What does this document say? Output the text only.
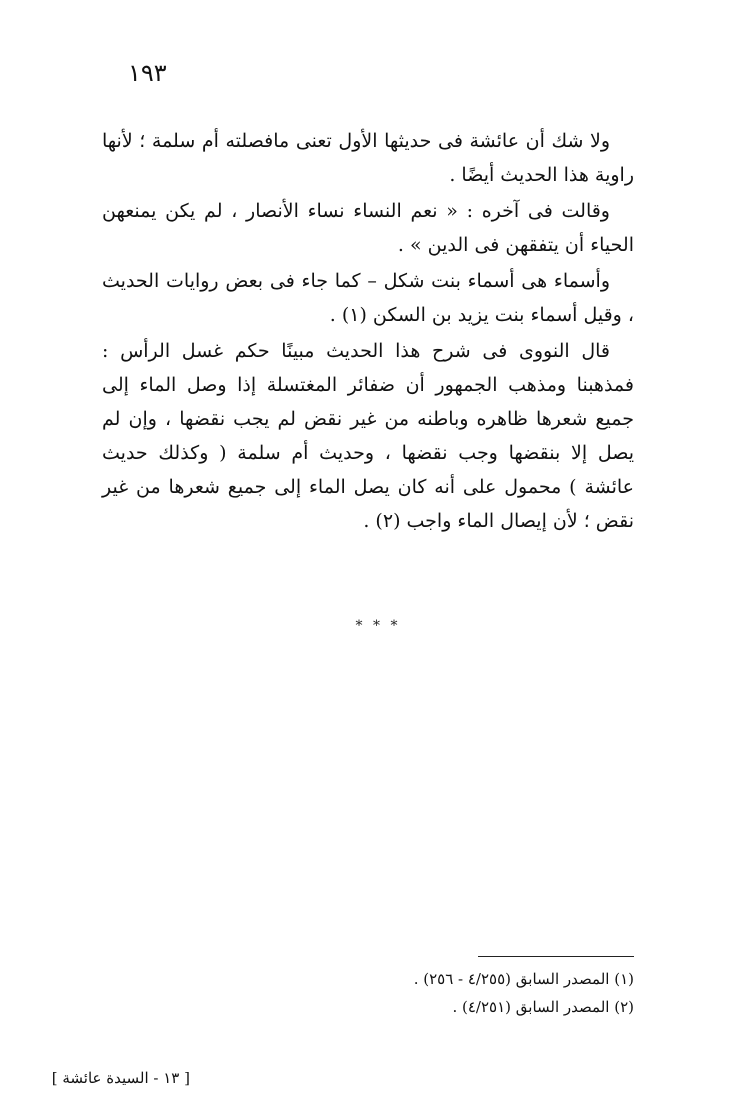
١٩٣

ولا شك أن عائشة فى حديثها الأول تعنى مافصلته أم سلمة ؛ لأنها راوية هذا الحديث أيضًا .

وقالت فى آخره : « نعم النساء نساء الأنصار ، لم يكن يمنعهن الحياء أن يتفقهن فى الدين » .

وأسماء هى أسماء بنت شكل – كما جاء فى بعض روايات الحديث ، وقيل أسماء بنت يزيد بن السكن (١) .

قال النووى فى شرح هذا الحديث مبينًا حكم غسل الرأس : فمذهبنا ومذهب الجمهور أن ضفائر المغتسلة إذا وصل الماء إلى جميع شعرها ظاهره وباطنه من غير نقض لم يجب نقضها ، وإن لم يصل إلا بنقضها وجب نقضها ، وحديث أم سلمة ( وكذلك حديث عائشة ) محمول على أنه كان يصل الماء إلى جميع شعرها من غير نقض ؛ لأن إيصال الماء واجب (٢) .

* * *

(١) المصدر السابق (٤/٢٥٥ - ٢٥٦) .

(٢) المصدر السابق (٤/٢٥١) .

[ ١٣ - السيدة عائشة ]
